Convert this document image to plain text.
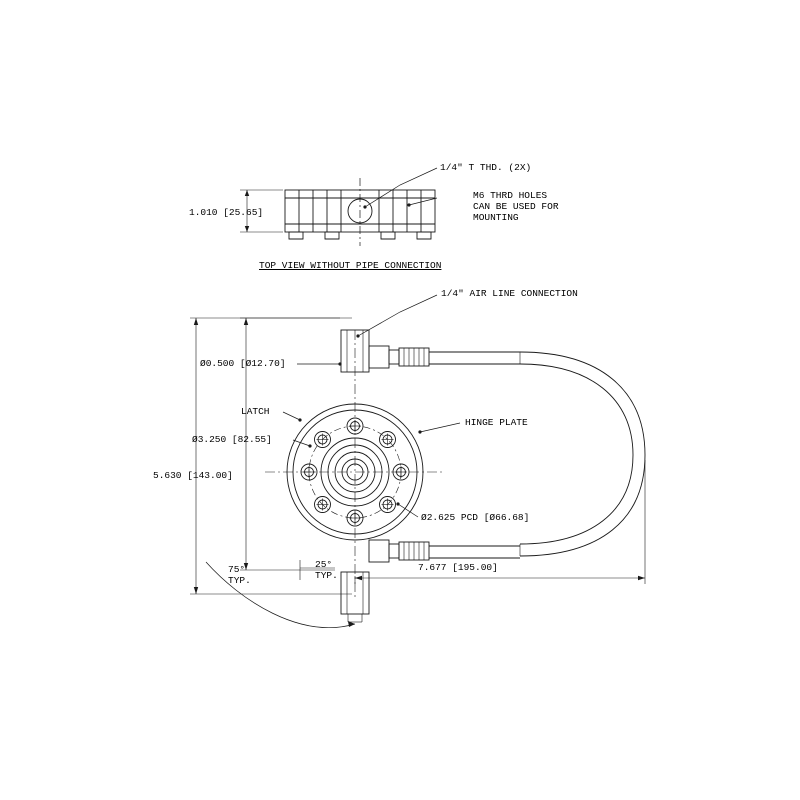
1/4" T THD. (2X)
M6 THRD HOLES
CAN BE USED FOR
MOUNTING
1.010 [25.65]
TOP VIEW WITHOUT PIPE CONNECTION
1/4" AIR LINE CONNECTION
Ø0.500 [Ø12.70]
LATCH
Ø3.250 [82.55]
HINGE PLATE
5.630 [143.00]
Ø2.625 PCD [Ø66.68]
75°
TYP.
25°
TYP.
7.677 [195.00]
